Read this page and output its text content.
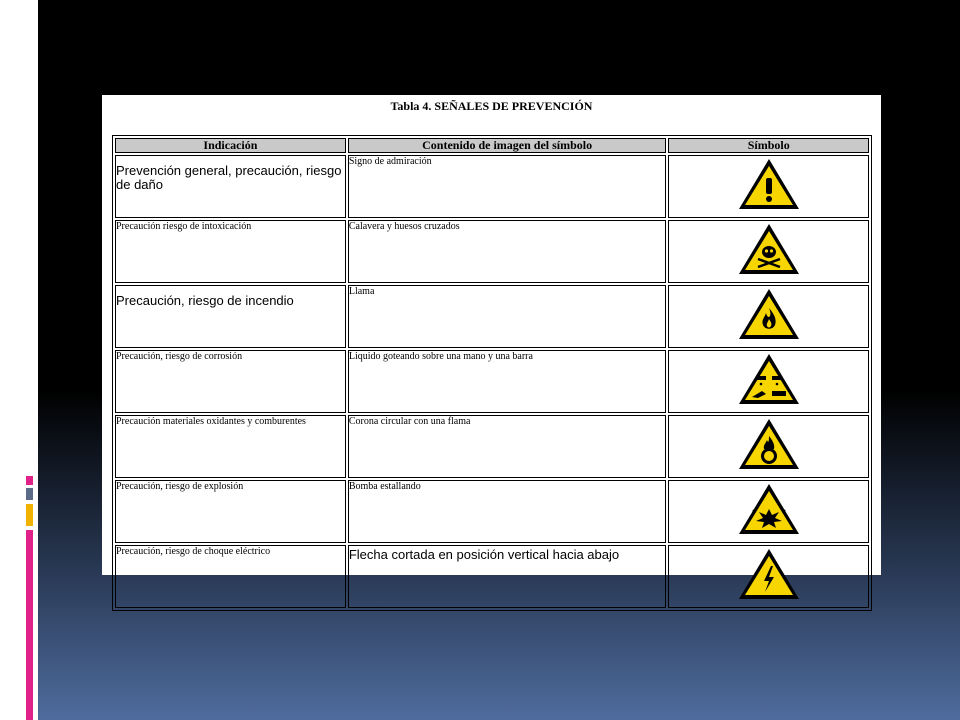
Tabla 4. SEÑALES DE PREVENCIÓN
Indicación	Contenido de imagen del símbolo	Símbolo
Prevención general, precaución, riesgo de daño	Signo de admiración	
Precaución riesgo de intoxicación	Calavera y huesos cruzados	
Precaución, riesgo de incendio	Llama	
Precaución, riesgo de corrosión	Liquido goteando sobre una mano y una barra	
Precaución materiales oxidantes y comburentes	Corona circular con una flama	
Precaución, riesgo de explosión	Bomba estallando	
Precaución, riesgo de choque eléctrico	Flecha cortada en posición vertical hacia abajo	
